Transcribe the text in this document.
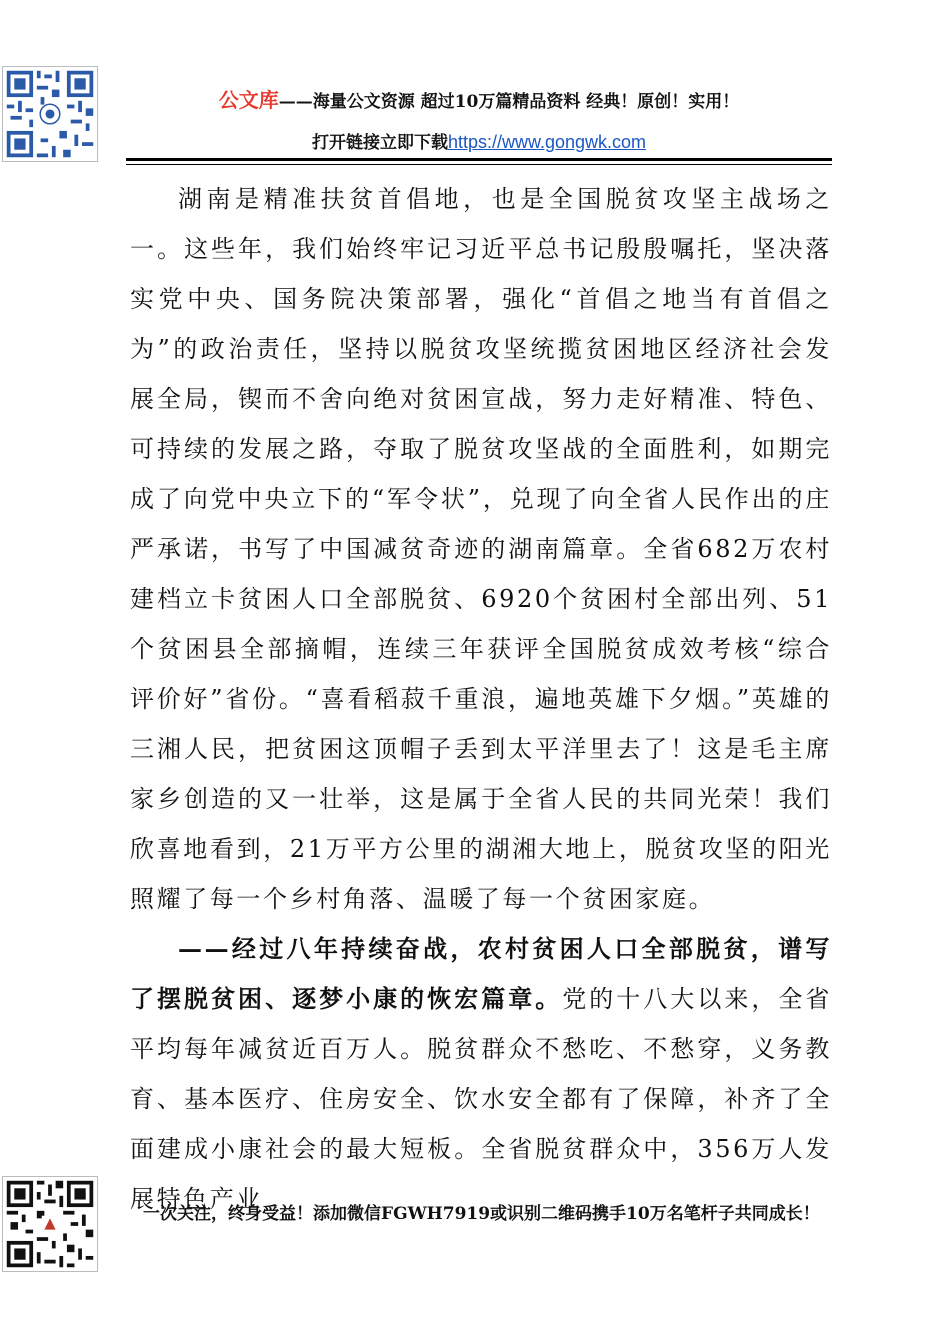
公文库——海量公文资源 超过10万篇精品资料 经典！原创！实用！
打开链接立即下载https://www.gongwk.com

湖南是精准扶贫首倡地，也是全国脱贫攻坚主战场之一。这些年，我们始终牢记习近平总书记殷殷嘱托，坚决落实党中央、国务院决策部署，强化“首倡之地当有首倡之为”的政治责任，坚持以脱贫攻坚统揽贫困地区经济社会发展全局，锲而不舍向绝对贫困宣战，努力走好精准、特色、可持续的发展之路，夺取了脱贫攻坚战的全面胜利，如期完成了向党中央立下的“军令状”，兑现了向全省人民作出的庄严承诺，书写了中国减贫奇迹的湖南篇章。全省682万农村建档立卡贫困人口全部脱贫、6920个贫困村全部出列、51个贫困县全部摘帽，连续三年获评全国脱贫成效考核“综合评价好”省份。“喜看稻菽千重浪，遍地英雄下夕烟。”英雄的三湘人民，把贫困这顶帽子丢到太平洋里去了！这是毛主席家乡创造的又一壮举，这是属于全省人民的共同光荣！我们欣喜地看到，21万平方公里的湖湘大地上，脱贫攻坚的阳光照耀了每一个乡村角落、温暖了每一个贫困家庭。

——经过八年持续奋战，农村贫困人口全部脱贫，谱写了摆脱贫困、逐梦小康的恢宏篇章。党的十八大以来，全省平均每年减贫近百万人。脱贫群众不愁吃、不愁穿，义务教育、基本医疗、住房安全、饮水安全都有了保障，补齐了全面建成小康社会的最大短板。全省脱贫群众中，356万人发展特色产业

一次关注，终身受益！添加微信FGWH7919或识别二维码携手10万名笔杆子共同成长！
